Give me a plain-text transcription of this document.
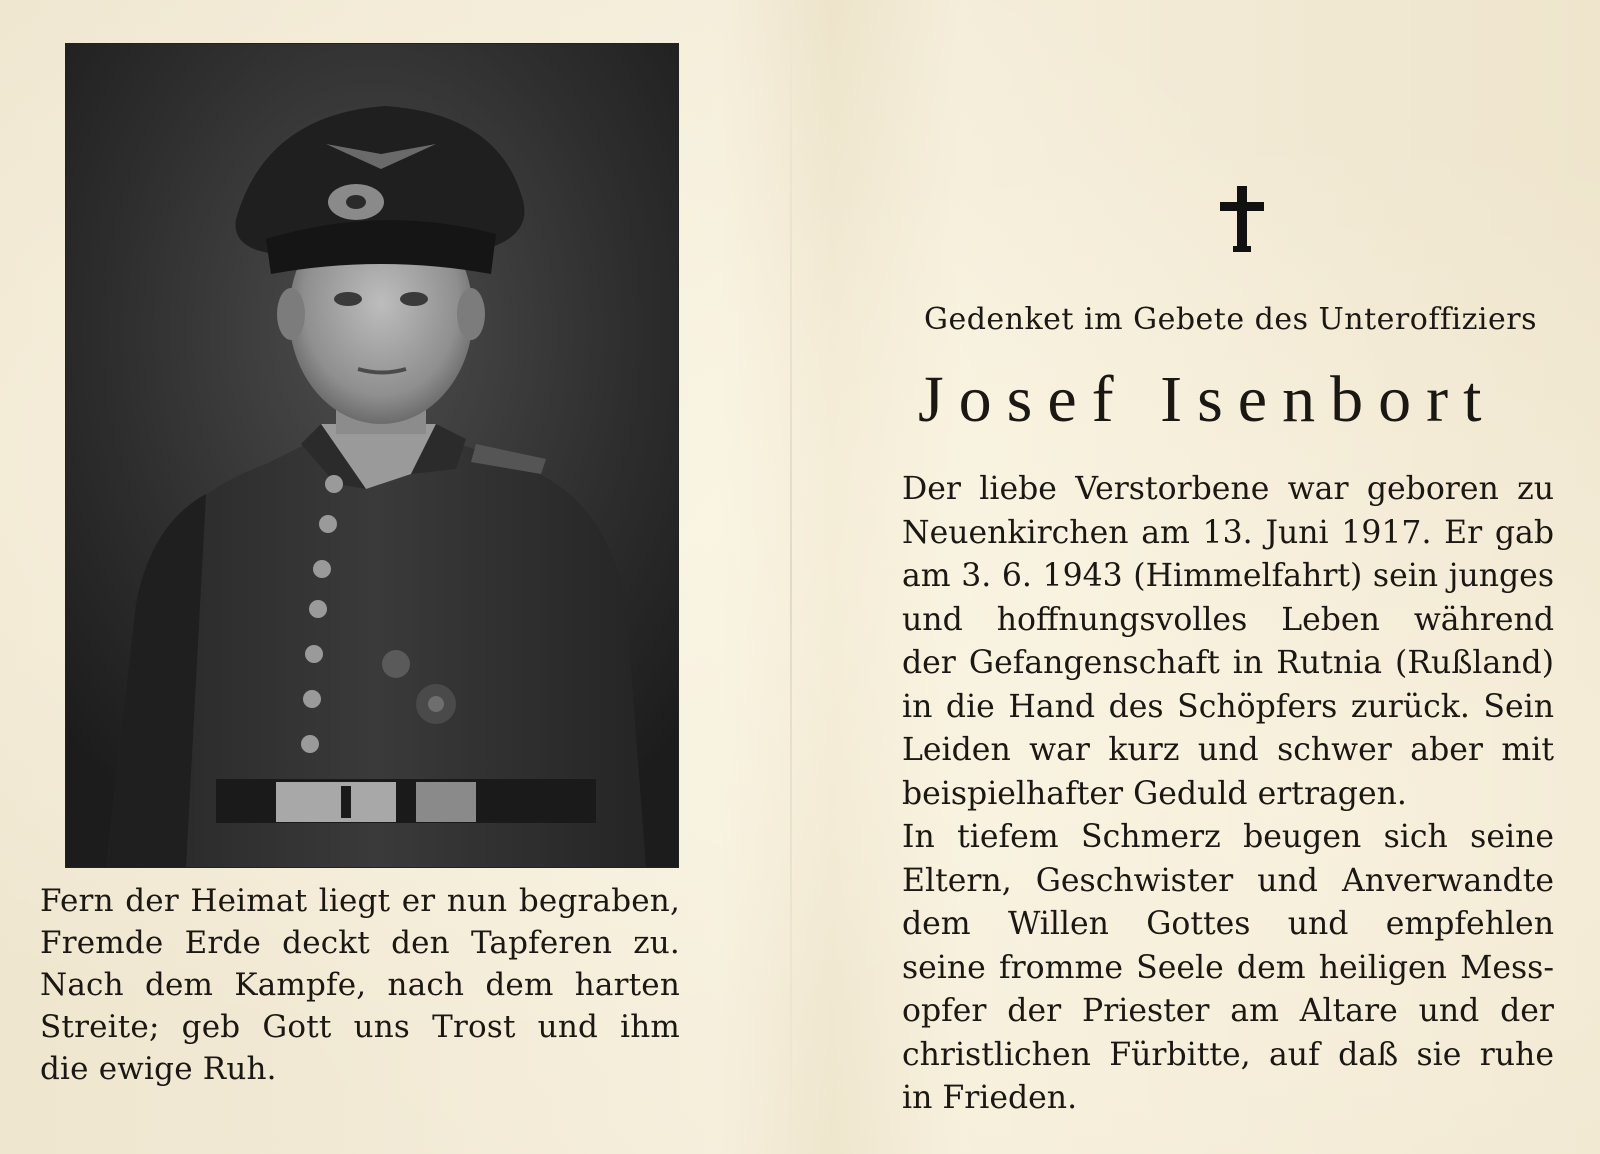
Fern der Heimat liegt er nun begraben,
Fremde Erde deckt den Tapferen zu.
Nach dem Kampfe, nach dem harten
Streite; geb Gott uns Trost und ihm
die ewige Ruh.
Gedenket im Gebete des Unteroffiziers
Josef Isenbort
Der liebe Verstorbene war geboren zu
Neuenkirchen am 13. Juni 1917. Er gab
am 3. 6. 1943 (Himmelfahrt) sein junges
und hoffnungsvolles Leben während
der Gefangenschaft in Rutnia (Rußland)
in die Hand des Schöpfers zurück. Sein
Leiden war kurz und schwer aber mit
beispielhafter Geduld ertragen.
In tiefem Schmerz beugen sich seine
Eltern, Geschwister und Anverwandte
dem Willen Gottes und empfehlen
seine fromme Seele dem heiligen Mess-
opfer der Priester am Altare und der
christlichen Fürbitte, auf daß sie ruhe
in Frieden.
